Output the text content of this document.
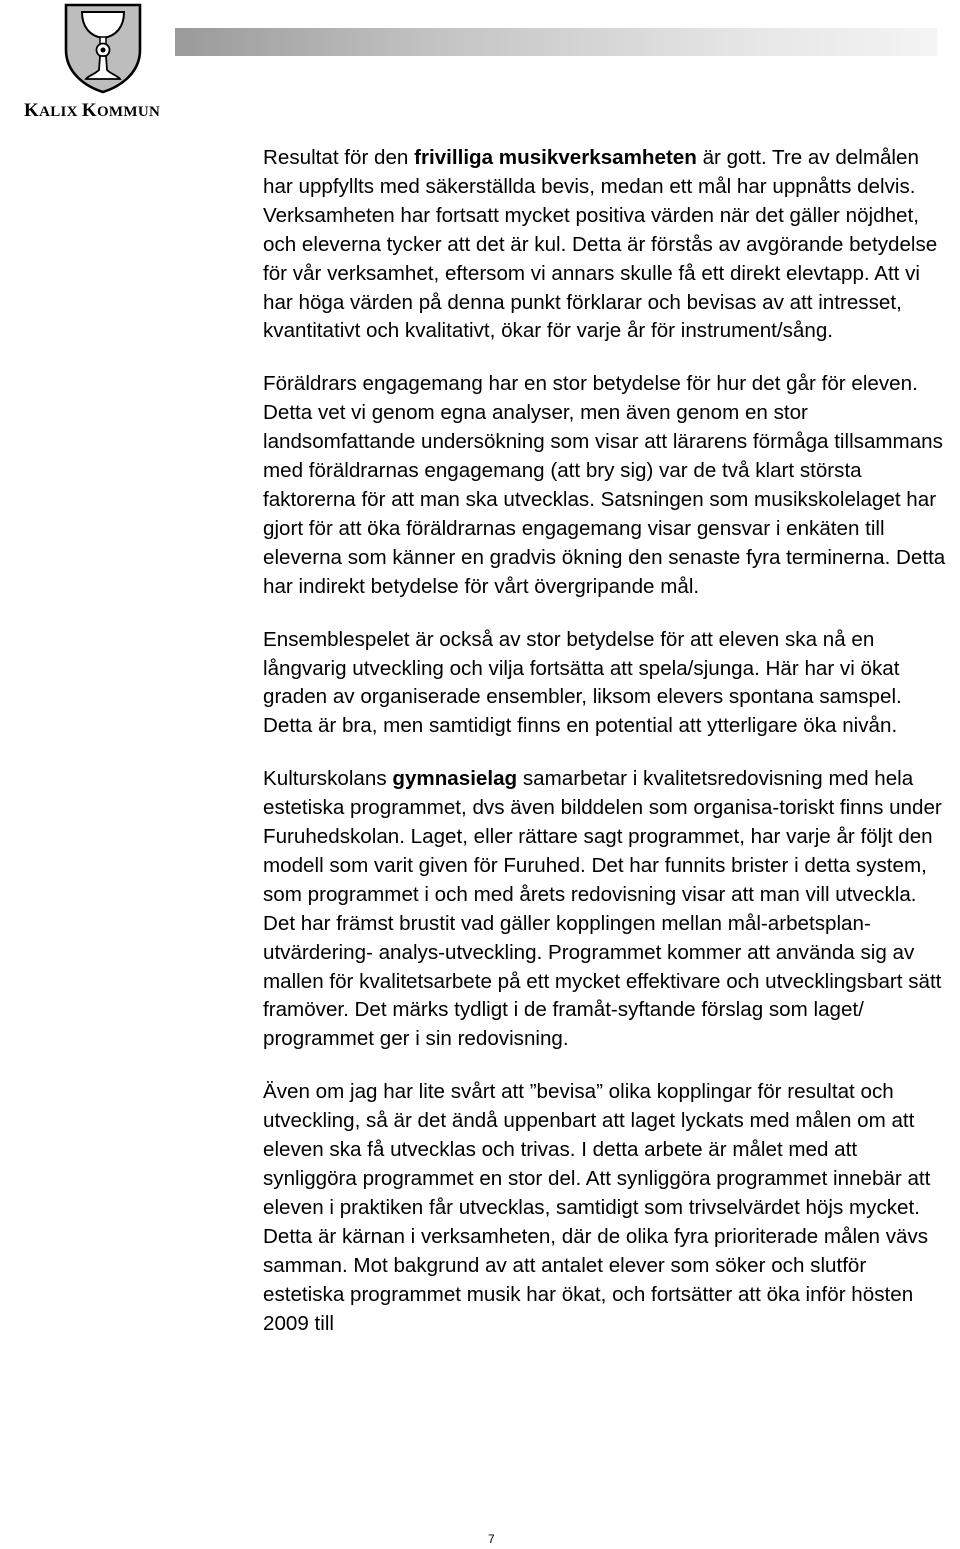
KALIX KOMMUN

Resultat för den frivilliga musikverksamheten är gott. Tre av delmålen har uppfyllts med säkerställda bevis, medan ett mål har uppnåtts delvis. Verksamheten har fortsatt mycket positiva värden när det gäller nöjdhet, och eleverna tycker att det är kul. Detta är förstås av avgörande betydelse för vår verksamhet, eftersom vi annars skulle få ett direkt elevtapp. Att vi har höga värden på denna punkt förklarar och bevisas av att intresset, kvantitativt och kvalitativt, ökar för varje år för instrument/sång.

Föräldrars engagemang har en stor betydelse för hur det går för eleven. Detta vet vi genom egna analyser, men även genom en stor landsomfattande undersökning som visar att lärarens förmåga tillsammans med föräldrarnas engagemang (att bry sig) var de två klart största faktorerna för att man ska utvecklas. Satsningen som musikskolelaget har gjort för att öka föräldrarnas engagemang visar gensvar i enkäten till eleverna som känner en gradvis ökning den senaste fyra terminerna. Detta har indirekt betydelse för vårt övergripande mål.

Ensemblespelet är också av stor betydelse för att eleven ska nå en långvarig utveckling och vilja fortsätta att spela/sjunga. Här har vi ökat graden av organiserade ensembler, liksom elevers spontana samspel. Detta är bra, men samtidigt finns en potential att ytterligare öka nivån.

Kulturskolans gymnasielag samarbetar i kvalitetsredovisning med hela estetiska programmet, dvs även bilddelen som organisa-toriskt finns under Furuhedskolan. Laget, eller rättare sagt programmet, har varje år följt den modell som varit given för Furuhed. Det har funnits brister i detta system, som programmet i och med årets redovisning visar att man vill utveckla. Det har främst brustit vad gäller kopplingen mellan mål-arbetsplan-utvärdering- analys-utveckling. Programmet kommer att använda sig av mallen för kvalitetsarbete på ett mycket effektivare och utvecklingsbart sätt framöver. Det märks tydligt i de framåt-syftande förslag som laget/ programmet ger i sin redovisning.

Även om jag har lite svårt att ”bevisa” olika kopplingar för resultat och utveckling, så är det ändå uppenbart att laget lyckats med målen om att eleven ska få utvecklas och trivas. I detta arbete är målet med att synliggöra programmet en stor del. Att synliggöra programmet innebär att eleven i praktiken får utvecklas, samtidigt som trivselvärdet höjs mycket. Detta är kärnan i verksamheten, där de olika fyra prioriterade målen vävs samman. Mot bakgrund av att antalet elever som söker och slutför estetiska programmet musik har ökat, och fortsätter att öka inför hösten 2009 till

7
